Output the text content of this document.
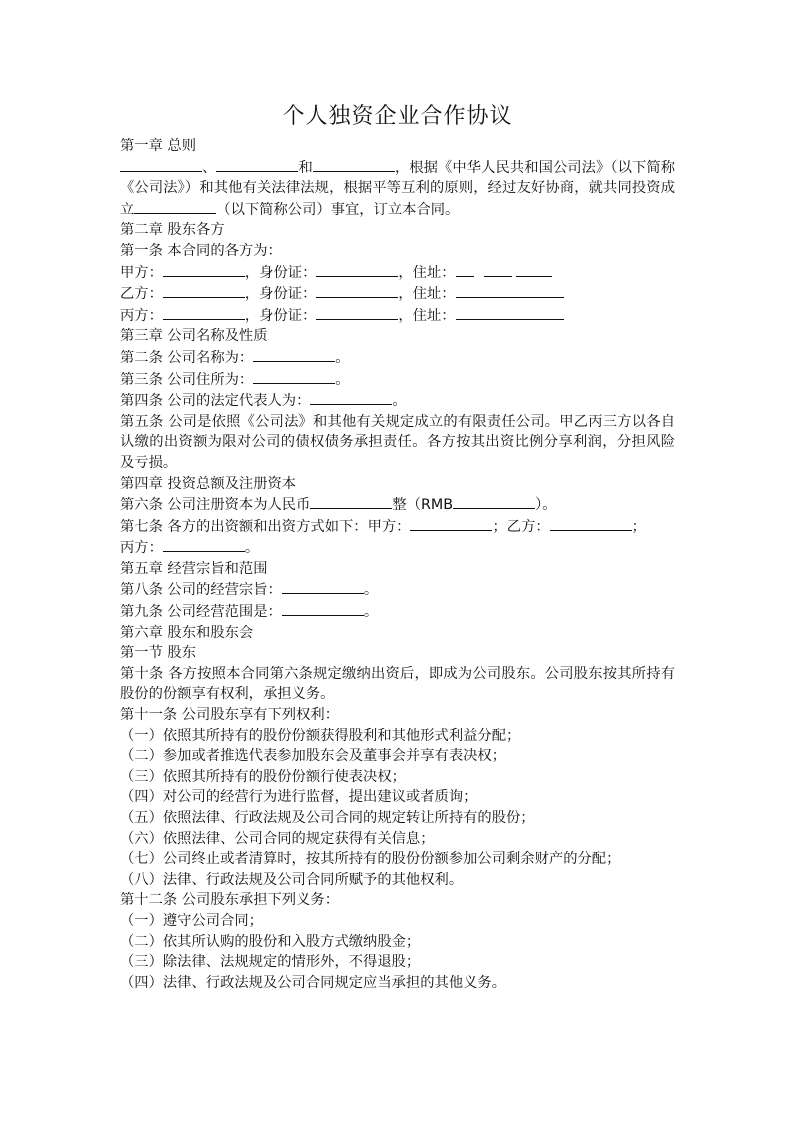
个人独资企业合作协议
第一章 总则
、	和	，根据《中华人民共和国公司法》（以下简称《公司法》）和其他有关法律法规，根据平等互利的原则，经过友好协商，就共同投资成立	（以下简称公司）事宜，订立本合同。
第二章 股东各方
第一条 本合同的各方为：
甲方：	，身份证：	，住址：
乙方：	，身份证：	，住址：
丙方：	，身份证：	，住址：
第三章 公司名称及性质
第二条 公司名称为：	。
第三条 公司住所为：	。
第四条 公司的法定代表人为：	。
第五条 公司是依照《公司法》和其他有关规定成立的有限责任公司。甲乙丙三方以各自认缴的出资额为限对公司的债权债务承担责任。各方按其出资比例分享利润，分担风险及亏损。
第四章 投资总额及注册资本
第六条 公司注册资本为人民币	整（RMB	）。
第七条 各方的出资额和出资方式如下：甲方：	；乙方：	；
丙方：	。
第五章 经营宗旨和范围
第八条 公司的经营宗旨：	。
第九条 公司经营范围是：	。
第六章 股东和股东会
第一节 股东
第十条 各方按照本合同第六条规定缴纳出资后，即成为公司股东。公司股东按其所持有股份的份额享有权利，承担义务。
第十一条 公司股东享有下列权利：
（一）依照其所持有的股份份额获得股利和其他形式利益分配；
（二）参加或者推选代表参加股东会及董事会并享有表决权；
（三）依照其所持有的股份份额行使表决权；
（四）对公司的经营行为进行监督，提出建议或者质询；
（五）依照法律、行政法规及公司合同的规定转让所持有的股份；
（六）依照法律、公司合同的规定获得有关信息；
（七）公司终止或者清算时，按其所持有的股份份额参加公司剩余财产的分配；
（八）法律、行政法规及公司合同所赋予的其他权利。
第十二条 公司股东承担下列义务：
（一）遵守公司合同；
（二）依其所认购的股份和入股方式缴纳股金；
（三）除法律、法规规定的情形外，不得退股；
（四）法律、行政法规及公司合同规定应当承担的其他义务。
